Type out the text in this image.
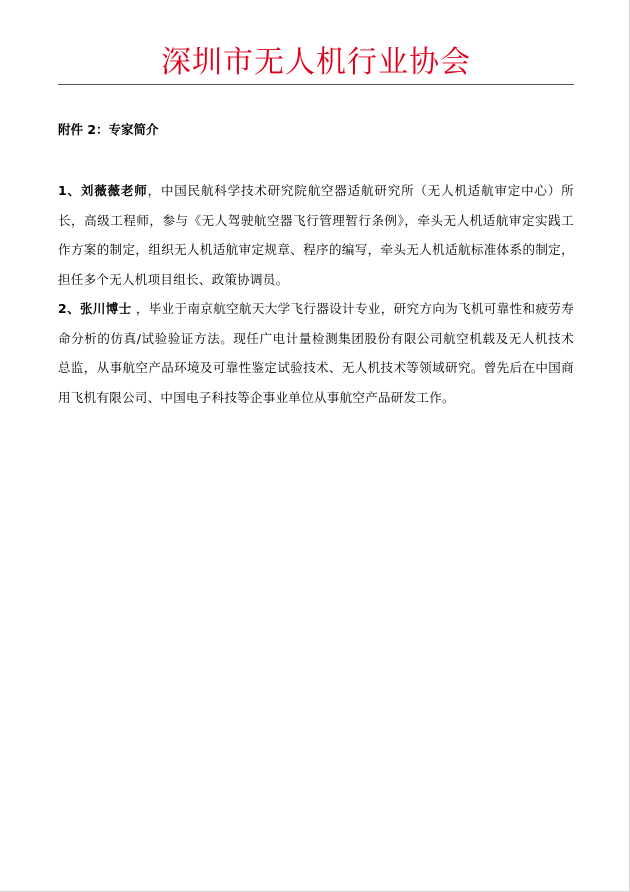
深圳市无人机行业协会
附件 2：专家简介
1、刘薇薇老师，中国民航科学技术研究院航空器适航研究所（无人机适航审定中心）所长，高级工程师，参与《无人驾驶航空器飞行管理暂行条例》，牵头无人机适航审定实践工作方案的制定，组织无人机适航审定规章、程序的编写，牵头无人机适航标准体系的制定，担任多个无人机项目组长、政策协调员。
2、张川博士 ，毕业于南京航空航天大学飞行器设计专业，研究方向为飞机可靠性和疲劳寿命分析的仿真/试验验证方法。现任广电计量检测集团股份有限公司航空机载及无人机技术总监，从事航空产品环境及可靠性鉴定试验技术、无人机技术等领域研究。曾先后在中国商用飞机有限公司、中国电子科技等企事业单位从事航空产品研发工作。
